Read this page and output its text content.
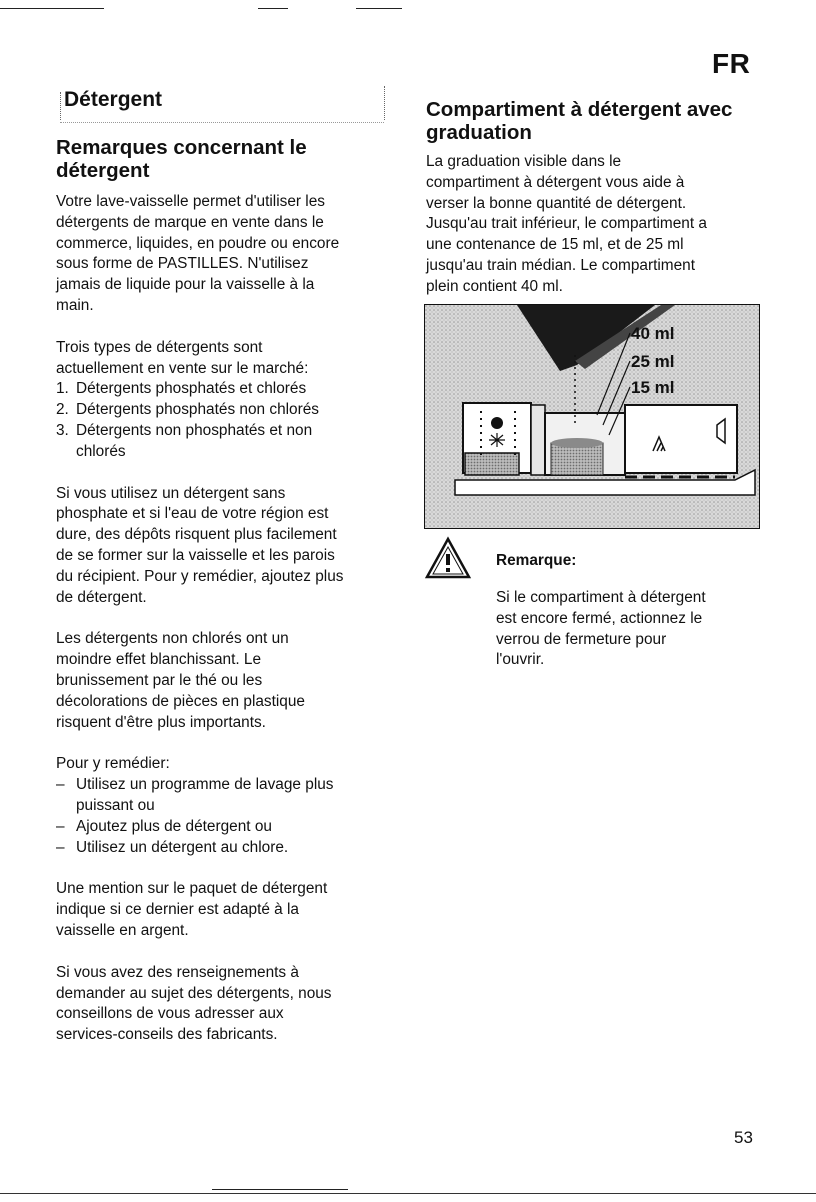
FR
Détergent
Remarques concernant le détergent
Votre lave-vaisselle permet d'utiliser les
détergents de marque en vente dans le
commerce, liquides, en poudre ou encore
sous forme de PASTILLES. N'utilisez
jamais de liquide pour la vaisselle à la
main.
Trois types de détergents sont
actuellement en vente sur le marché:
1. Détergents phosphatés et chlorés
2. Détergents phosphatés non chlorés
3. Détergents non phosphatés et non
chlorés
Si vous utilisez un détergent sans
phosphate et si l'eau de votre région est
dure, des dépôts risquent plus facilement
de se former sur la vaisselle et les parois
du récipient. Pour y remédier, ajoutez plus
de détergent.
Les détergents non chlorés ont un
moindre effet blanchissant. Le
brunissement par le thé ou les
décolorations de pièces en plastique
risquent d'être plus importants.
Pour y remédier:
– Utilisez un programme de lavage plus
puissant ou
– Ajoutez plus de détergent ou
– Utilisez un détergent au chlore.
Une mention sur le paquet de détergent
indique si ce dernier est adapté à la
vaisselle en argent.
Si vous avez des renseignements à
demander au sujet des détergents, nous
conseillons de vous adresser aux
services-conseils des fabricants.
Compartiment à détergent avec graduation
La graduation visible dans le
compartiment à détergent vous aide à
verser la bonne quantité de détergent.
Jusqu'au trait inférieur, le compartiment a
une contenance de 15 ml, et de 25 ml
jusqu'au train médian. Le compartiment
plein contient 40 ml.
40 ml
25 ml
15 ml
Remarque:
Si le compartiment à détergent
est encore fermé, actionnez le
verrou de fermeture pour
l'ouvrir.
53
